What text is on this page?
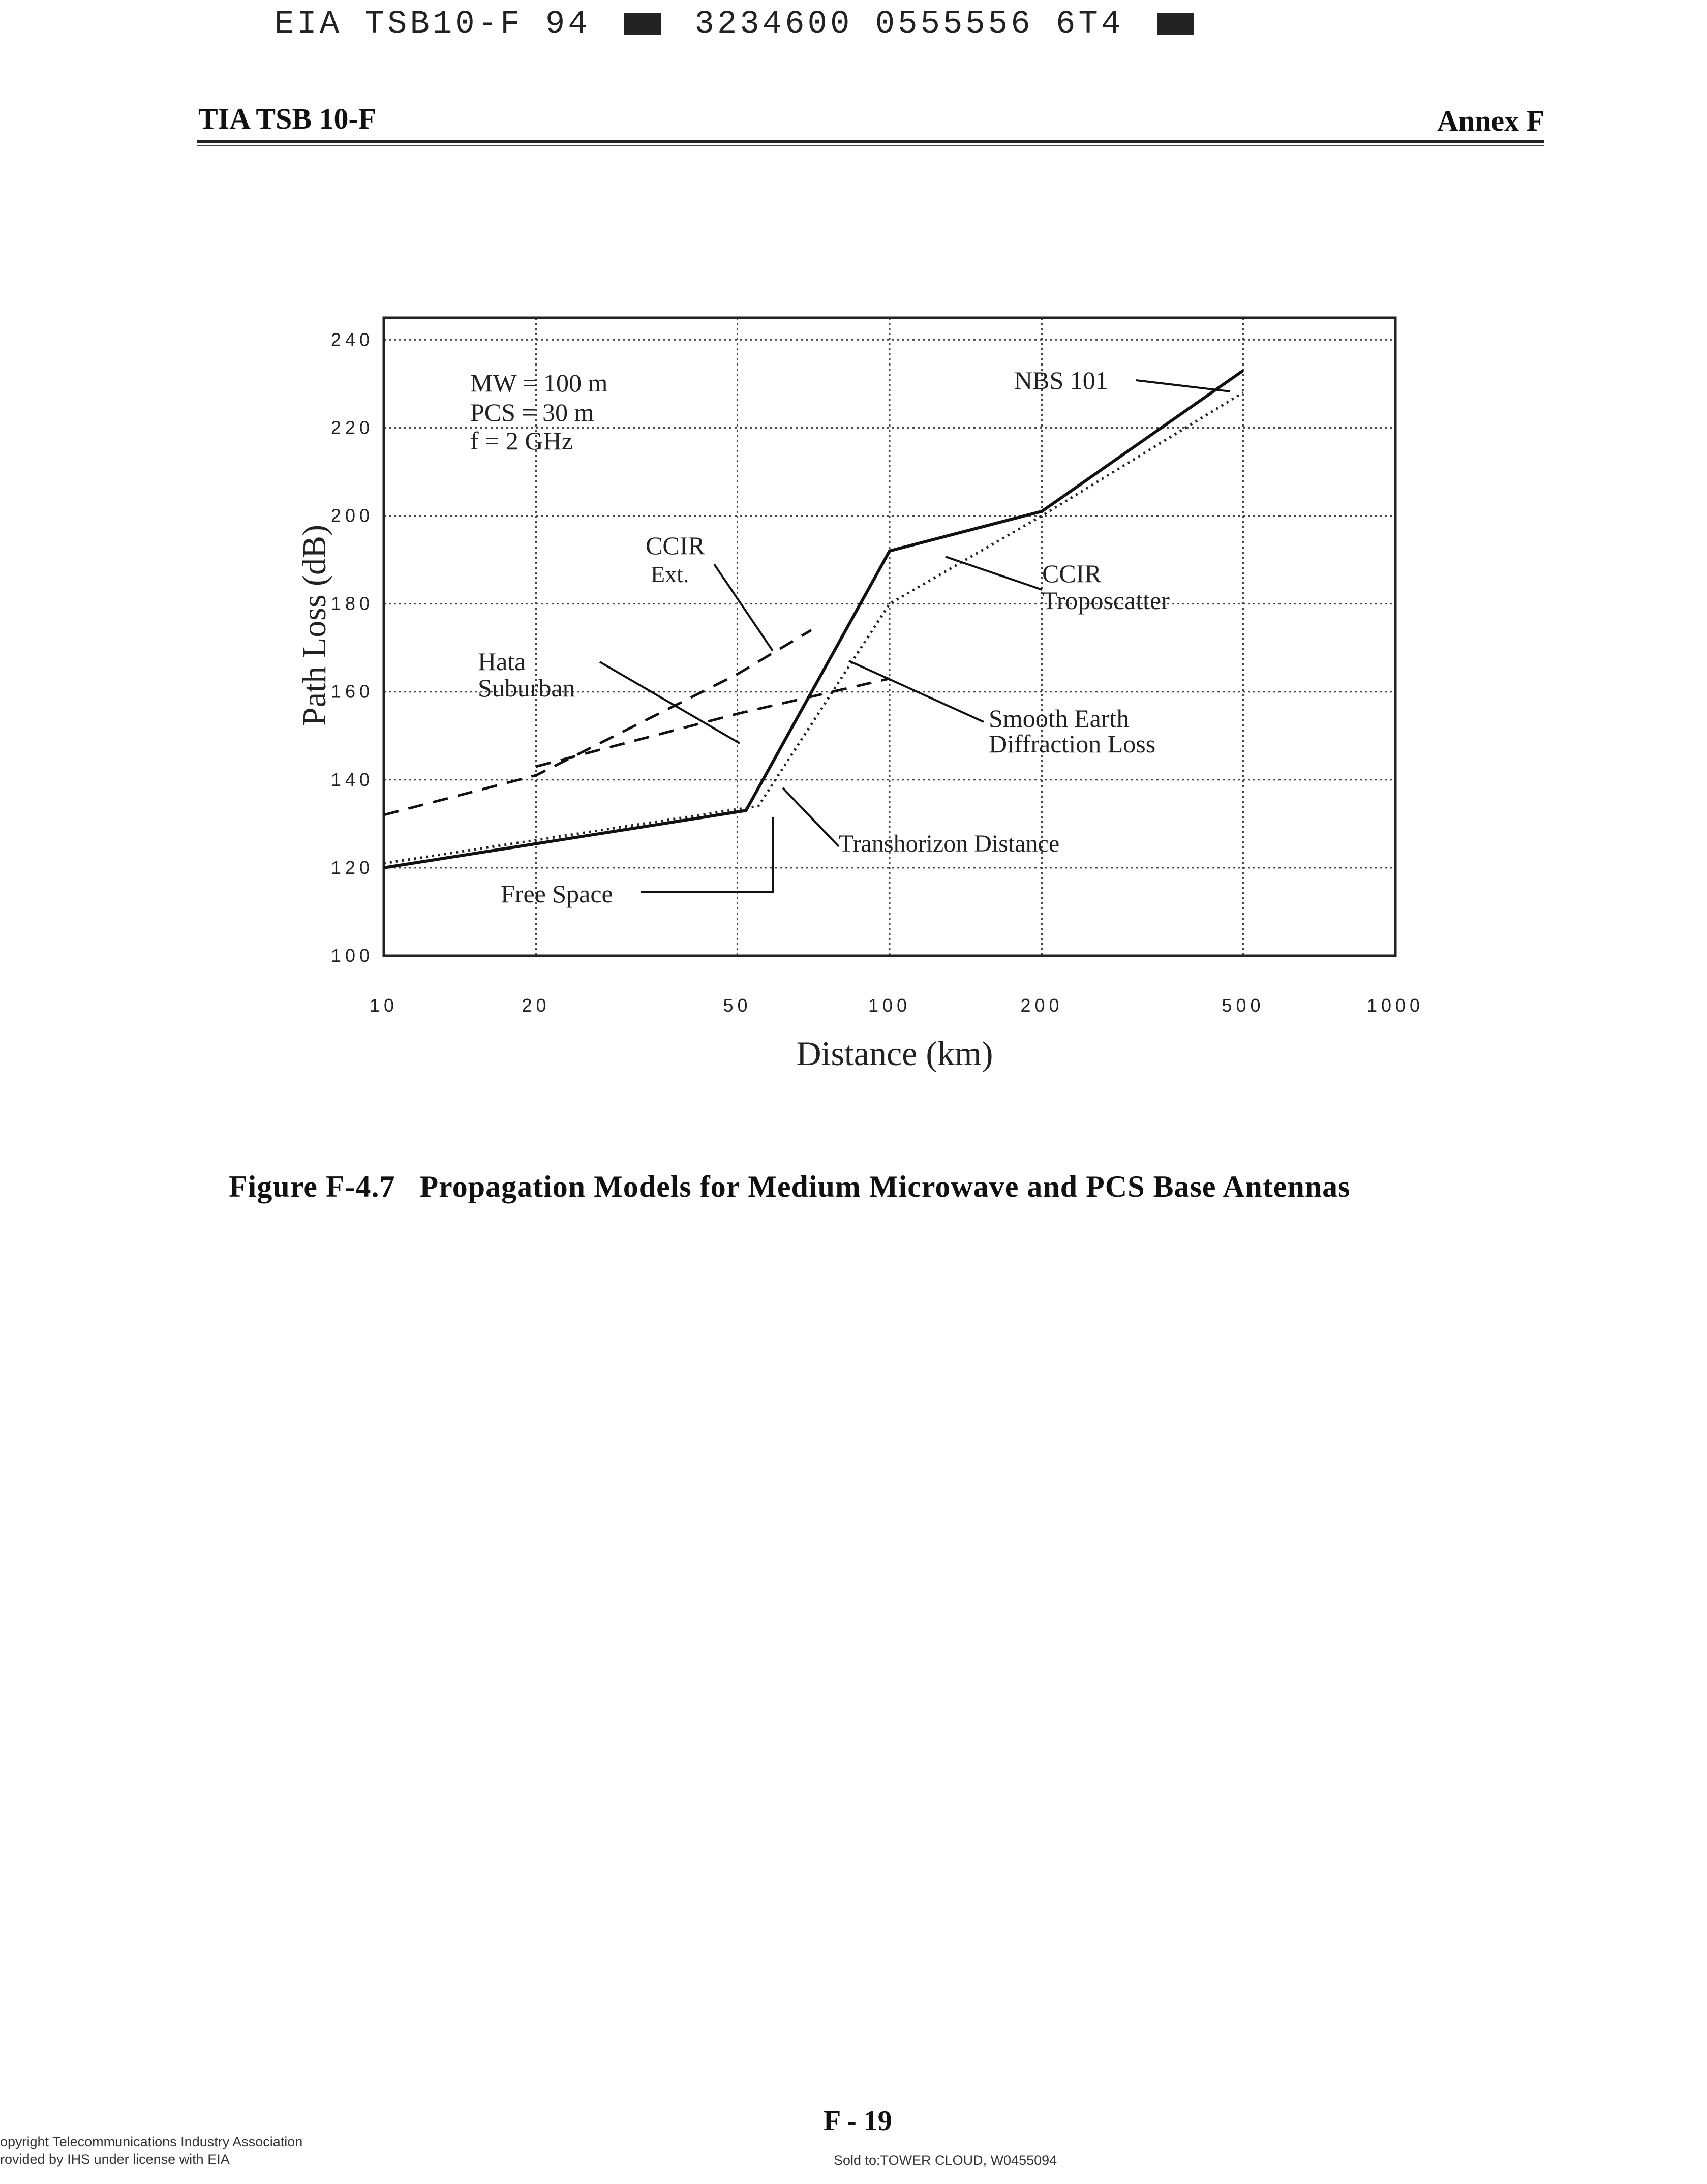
EIA TSB10-F 94	3234600 0555556 6T4
TIA TSB 10-F	Annex F
10	20	50	100	200	500	1000
100
120
140
160
180
200
220
240
Path Loss (dB)
Distance (km)
MW = 100 m
PCS = 30 m
f = 2 GHz
NBS 101
CCIR
Ext.	CCIR
Troposcatter
Hata
Suburban
Smooth Earth
Diffraction Loss
Transhorizon Distance
Free Space
Figure F-4.7 Propagation Models for Medium Microwave and PCS Base Antennas
F - 19
opyright Telecommunications Industry Association
rovided by IHS under license with EIA	Sold to:TOWER CLOUD, W0455094
